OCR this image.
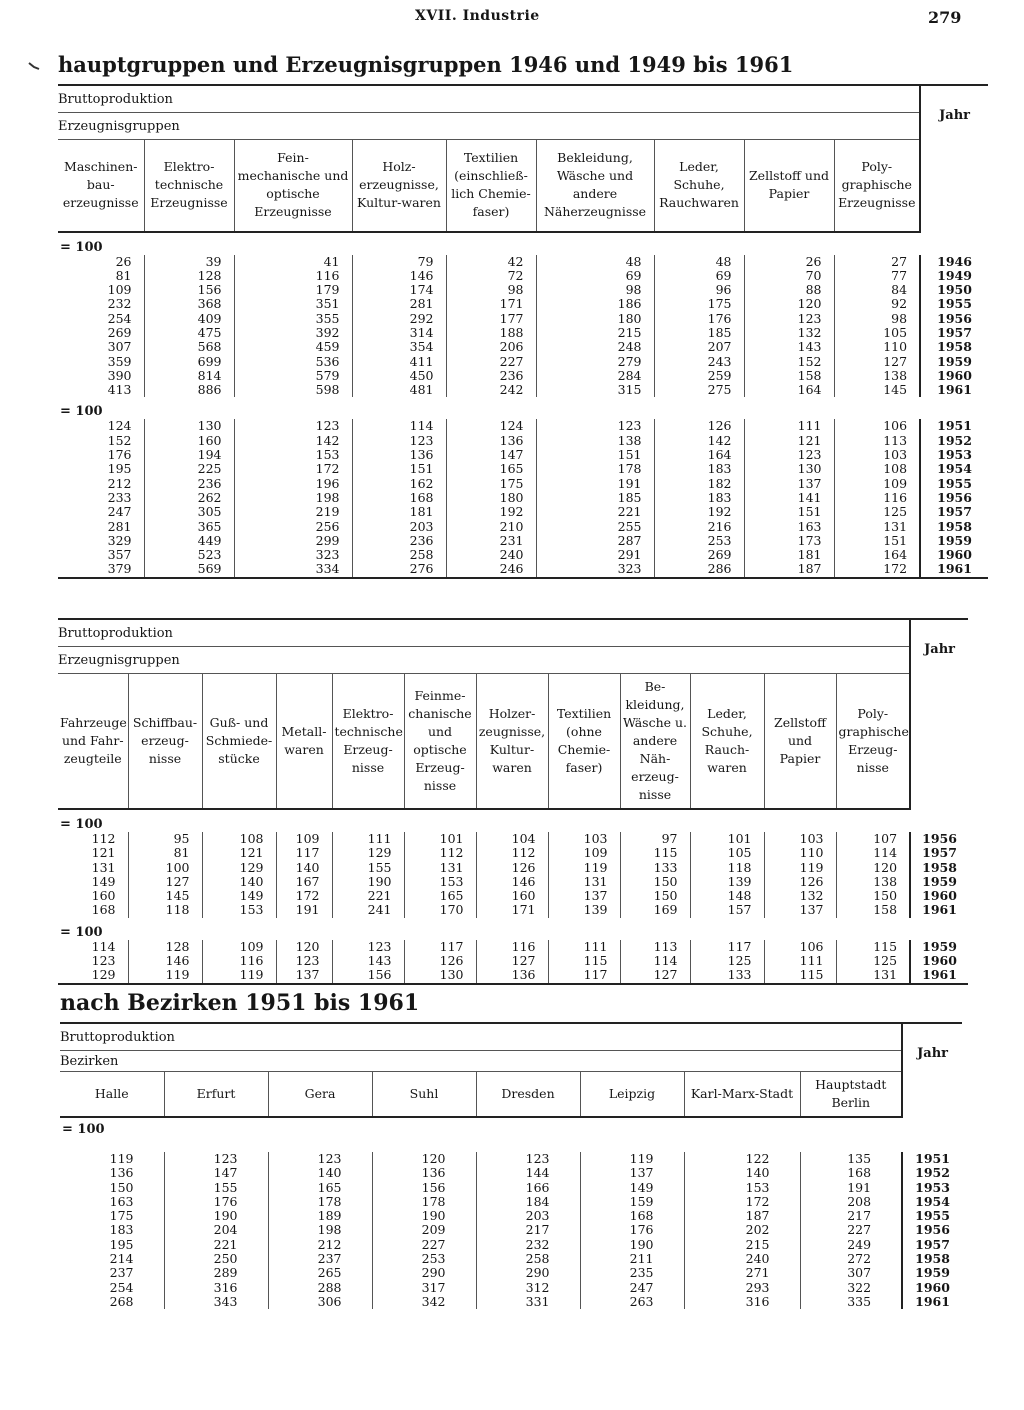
XVII. Industrie	279
hauptgruppen und Erzeugnisgruppen 1946 und 1949 bis 1961
Bruttoproduktion									Jahr
Erzeugnisgruppen									
Maschinen-bau-erzeugnisse	Elektro-technische Erzeugnisse	Fein-mechanische und optische Erzeugnisse	Holz-erzeugnisse, Kultur-waren	Textilien (einschließ-lich Chemie-faser)	Bekleidung, Wäsche und andere Näherzeugnisse	Leder, Schuhe, Rauchwaren	Zellstoff und Papier	Poly-graphische Erzeugnisse	
= 100									
26	39	41	79	42	48	48	26	27	1946
81	128	116	146	72	69	69	70	77	1949
109	156	179	174	98	98	96	88	84	1950
232	368	351	281	171	186	175	120	92	1955
254	409	355	292	177	180	176	123	98	1956
269	475	392	314	188	215	185	132	105	1957
307	568	459	354	206	248	207	143	110	1958
359	699	536	411	227	279	243	152	127	1959
390	814	579	450	236	284	259	158	138	1960
413	886	598	481	242	315	275	164	145	1961
= 100									
124	130	123	114	124	123	126	111	106	1951
152	160	142	123	136	138	142	121	113	1952
176	194	153	136	147	151	164	123	103	1953
195	225	172	151	165	178	183	130	108	1954
212	236	196	162	175	191	182	137	109	1955
233	262	198	168	180	185	183	141	116	1956
247	305	219	181	192	221	192	151	125	1957
281	365	256	203	210	255	216	163	131	1958
329	449	299	236	231	287	253	173	151	1959
357	523	323	258	240	291	269	181	164	1960
379	569	334	276	246	323	286	187	172	1961
Bruttoproduktion												Jahr
Erzeugnisgruppen												
Fahrzeuge und Fahr-zeugteile	Schiffbau-erzeug-nisse	Guß- und Schmiede-stücke	Metall-waren	Elektro-technische Erzeug-nisse	Feinme-chanische und optische Erzeug-nisse	Holzer-zeugnisse, Kultur-waren	Textilien (ohne Chemie-faser)	Be-kleidung, Wäsche u. andere Näh-erzeug-nisse	Leder, Schuhe, Rauch-waren	Zellstoff und Papier	Poly-graphische Erzeug-nisse	
= 100												
112	95	108	109	111	101	104	103	97	101	103	107	1956
121	81	121	117	129	112	112	109	115	105	110	114	1957
131	100	129	140	155	131	126	119	133	118	119	120	1958
149	127	140	167	190	153	146	131	150	139	126	138	1959
160	145	149	172	221	165	160	137	150	148	132	150	1960
168	118	153	191	241	170	171	139	169	157	137	158	1961
= 100												
114	128	109	120	123	117	116	111	113	117	106	115	1959
123	146	116	123	143	126	127	115	114	125	111	125	1960
129	119	119	137	156	130	136	117	127	133	115	131	1961
nach Bezirken 1951 bis 1961
Bruttoproduktion								Jahr
Bezirken								
Halle	Erfurt	Gera	Suhl	Dresden	Leipzig	Karl-Marx-Stadt	Hauptstadt Berlin	
= 100								
119	123	123	120	123	119	122	135	1951
136	147	140	136	144	137	140	168	1952
150	155	165	156	166	149	153	191	1953
163	176	178	178	184	159	172	208	1954
175	190	189	190	203	168	187	217	1955
183	204	198	209	217	176	202	227	1956
195	221	212	227	232	190	215	249	1957
214	250	237	253	258	211	240	272	1958
237	289	265	290	290	235	271	307	1959
254	316	288	317	312	247	293	322	1960
268	343	306	342	331	263	316	335	1961
